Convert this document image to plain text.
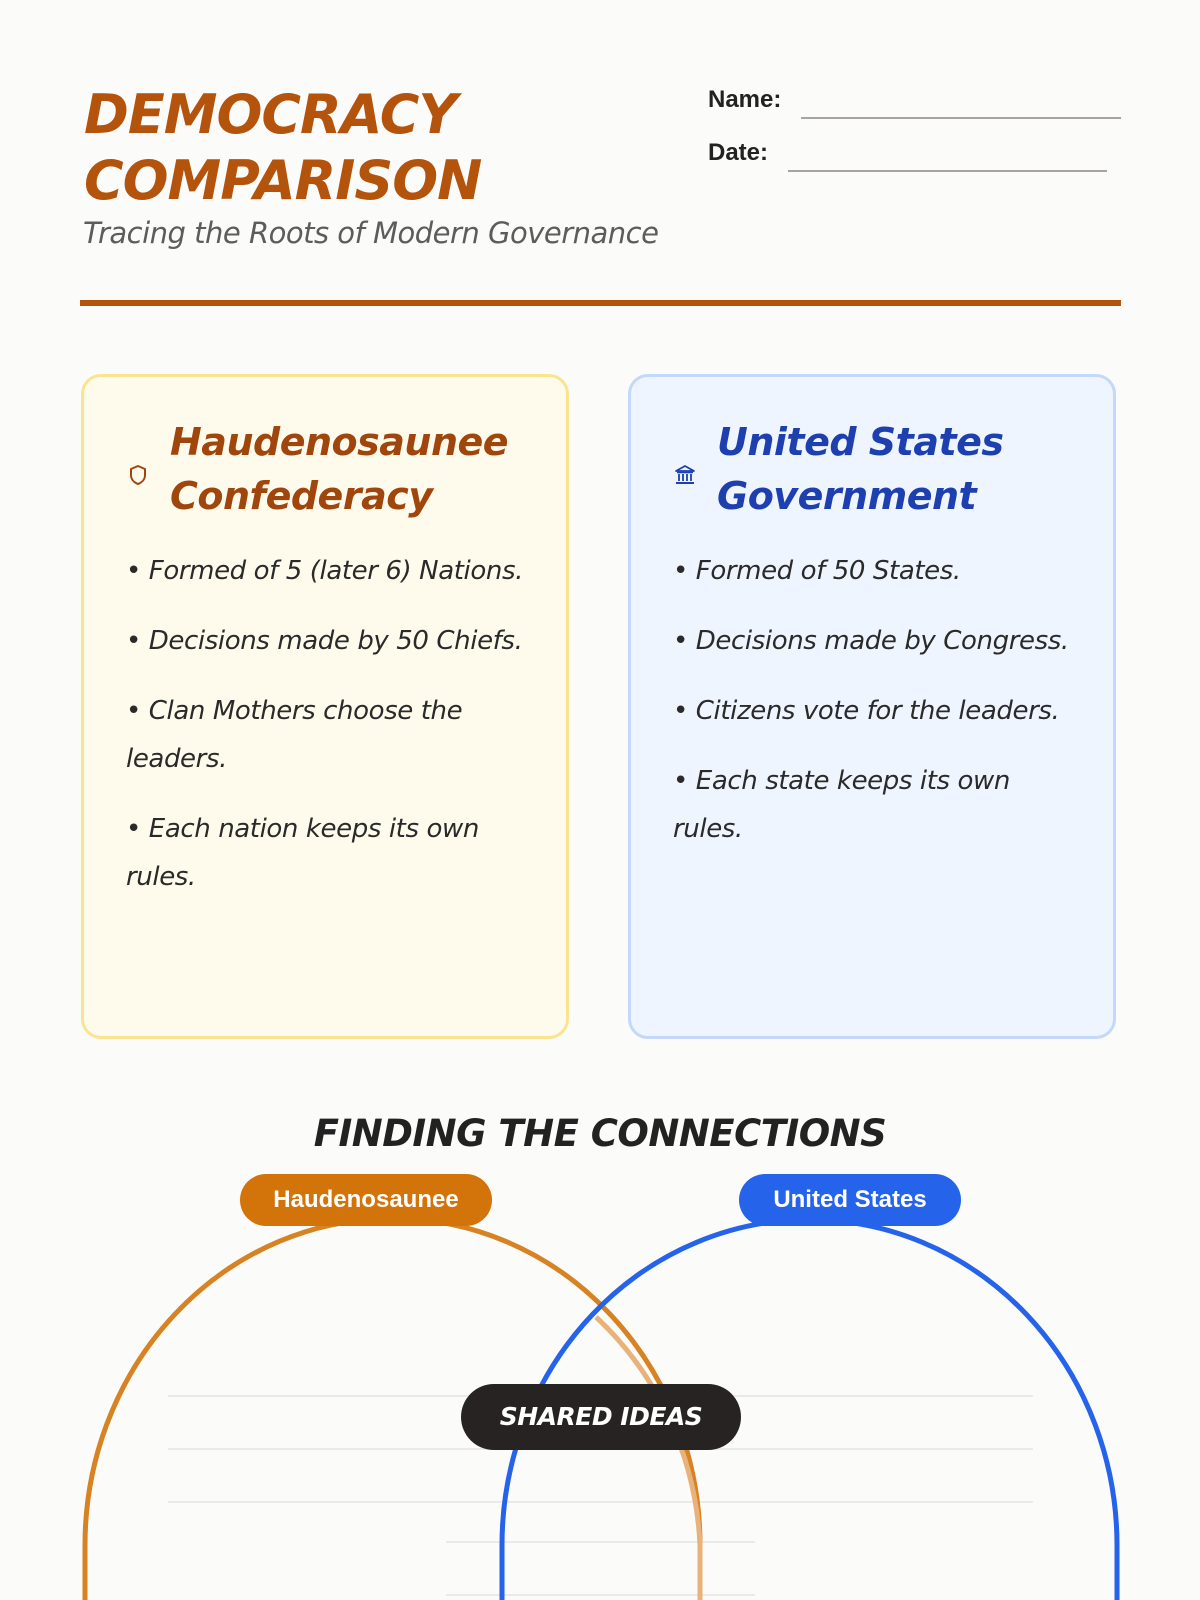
DEMOCRACY
COMPARISON
Tracing the Roots of Modern Governance
Name:
Date:
Haudenosaunee
Confederacy
• Formed of 5 (later 6) Nations.
• Decisions made by 50 Chiefs.
• Clan Mothers choose the leaders.
• Each nation keeps its own rules.
United States
Government
• Formed of 50 States.
• Decisions made by Congress.
• Citizens vote for the leaders.
• Each state keeps its own rules.
FINDING THE CONNECTIONS
Haudenosaunee	United States
SHARED IDEAS
